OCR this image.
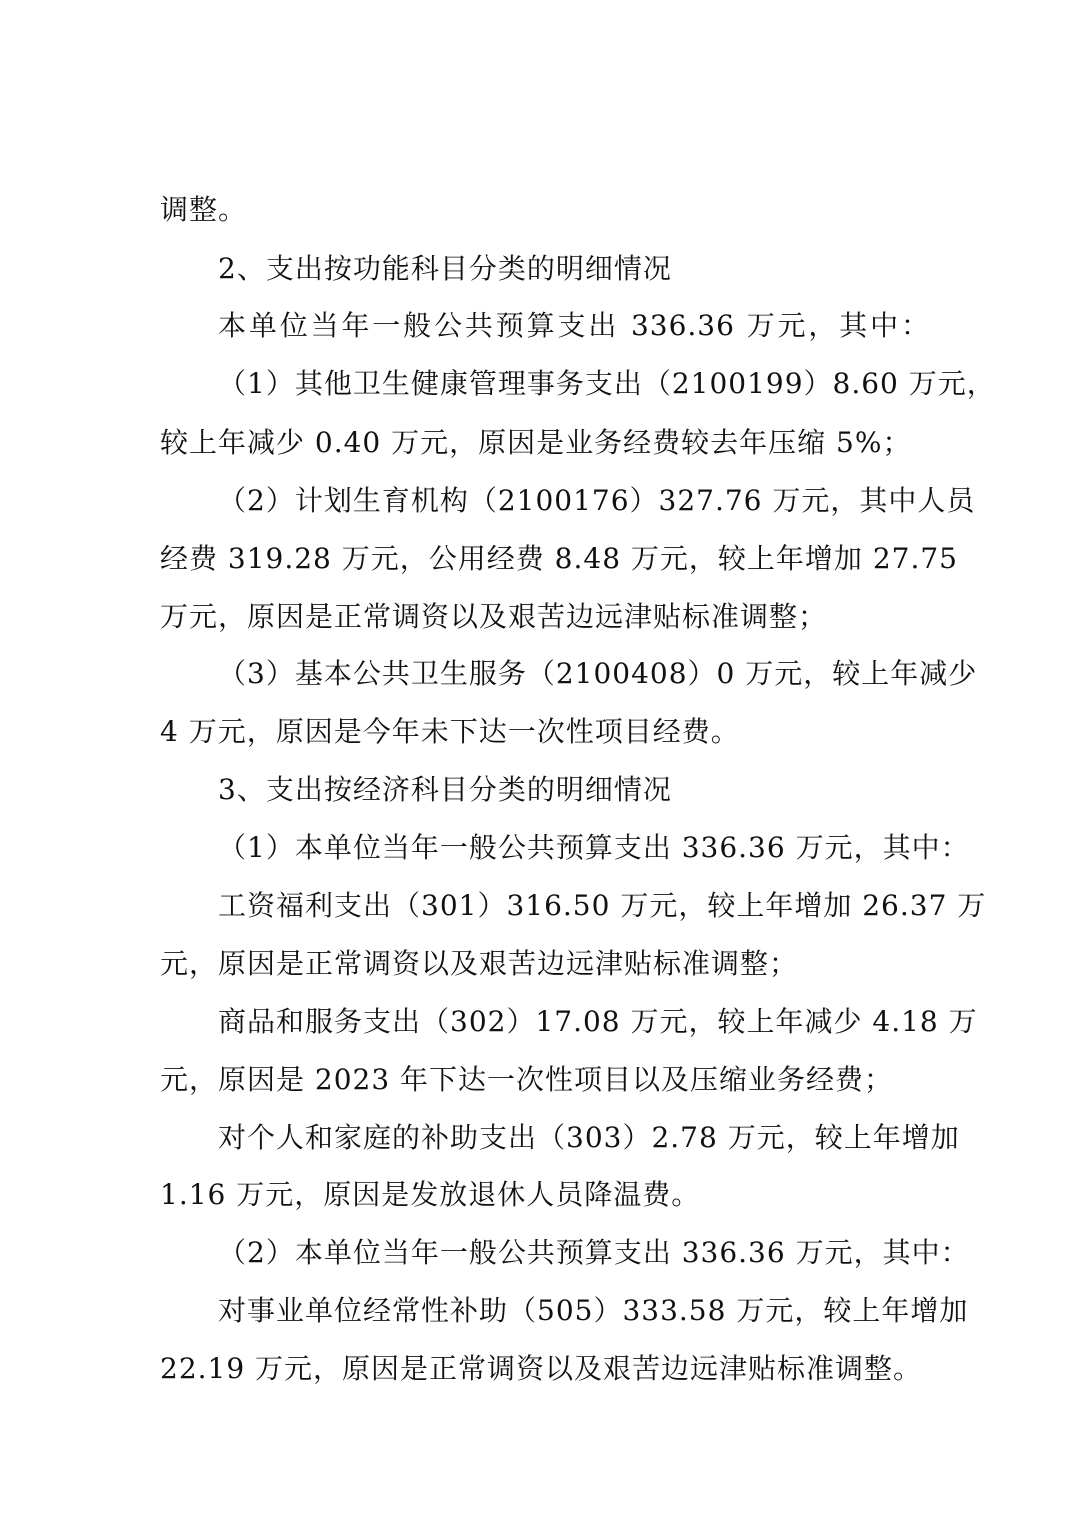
调整。
2、支出按功能科目分类的明细情况
本单位当年一般公共预算支出 336.36 万元，其中：
（1）其他卫生健康管理事务支出（2100199）8.60 万元，
较上年减少 0.40 万元，原因是业务经费较去年压缩 5%；
（2）计划生育机构（2100176）327.76 万元，其中人员
经费 319.28 万元，公用经费 8.48 万元，较上年增加 27.75
万元，原因是正常调资以及艰苦边远津贴标准调整；
（3）基本公共卫生服务（2100408）0 万元，较上年减少
4 万元，原因是今年未下达一次性项目经费。
3、支出按经济科目分类的明细情况
（1）本单位当年一般公共预算支出 336.36 万元，其中：
工资福利支出（301）316.50 万元，较上年增加 26.37 万
元，原因是正常调资以及艰苦边远津贴标准调整；
商品和服务支出（302）17.08 万元，较上年减少 4.18 万
元，原因是 2023 年下达一次性项目以及压缩业务经费；
对个人和家庭的补助支出（303）2.78 万元，较上年增加
1.16 万元，原因是发放退休人员降温费。
（2）本单位当年一般公共预算支出 336.36 万元，其中：
对事业单位经常性补助（505）333.58 万元，较上年增加
22.19 万元，原因是正常调资以及艰苦边远津贴标准调整。
